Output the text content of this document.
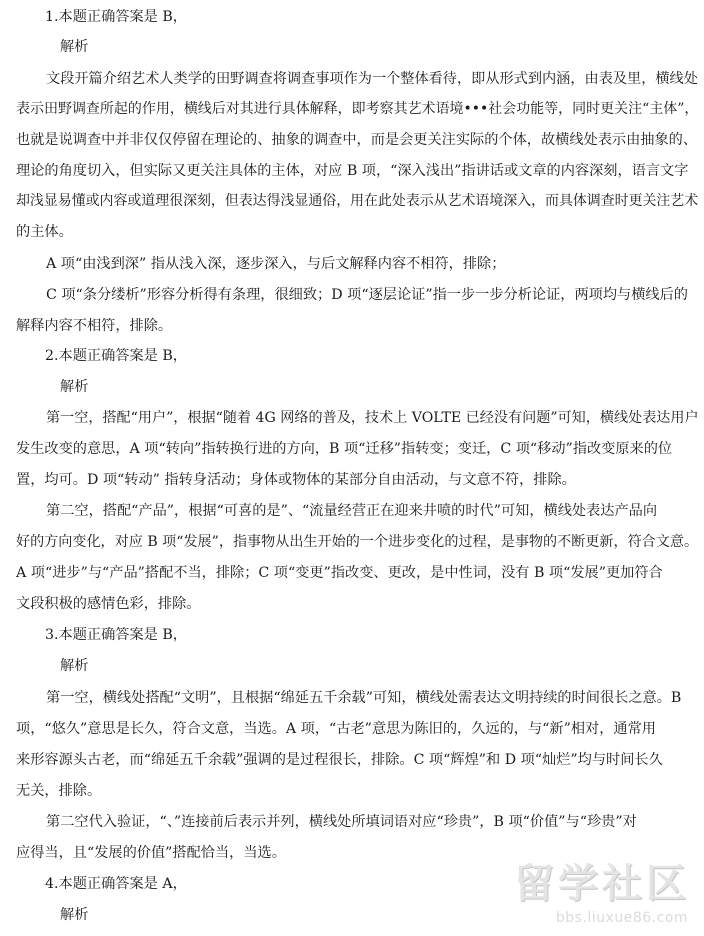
1.本题正确答案是 B，
解析
文段开篇介绍艺术人类学的田野调查将调查事项作为一个整体看待，即从形式到内涵，由表及里，横线处
表示田野调查所起的作用，横线后对其进行具体解释，即考察其艺术语境•••社会功能等，同时更关注“主体”，
也就是说调查中并非仅仅停留在理论的、抽象的调查中，而是会更关注实际的个体，故横线处表示由抽象的、
理论的角度切入，但实际又更关注具体的主体，对应 B 项，“深入浅出”指讲话或文章的内容深刻，语言文字
却浅显易懂或内容或道理很深刻，但表达得浅显通俗，用在此处表示从艺术语境深入，而具体调查时更关注艺术
的主体。
A 项“由浅到深” 指从浅入深，逐步深入，与后文解释内容不相符，排除；
C 项“条分缕析”形容分析得有条理，很细致；D 项“逐层论证”指一步一步分析论证，两项均与横线后的
解释内容不相符，排除。
2.本题正确答案是 B，
解析
第一空，搭配“用户”，根据“随着 4G 网络的普及，技术上 VOLTE 已经没有问题”可知，横线处表达用户
发生改变的意思，A 项“转向”指转换行进的方向，B 项“迁移”指转变；变迁，C 项“移动”指改变原来的位
置，均可。D 项“转动” 指转身活动；身体或物体的某部分自由活动，与文意不符，排除。
第二空，搭配“产品”，根据“可喜的是”、“流量经营正在迎来井喷的时代”可知，横线处表达产品向
好的方向变化，对应 B 项“发展”，指事物从出生开始的一个进步变化的过程，是事物的不断更新，符合文意。
A 项“进步”与“产品”搭配不当，排除；C 项“变更”指改变、更改，是中性词，没有 B 项“发展”更加符合
文段积极的感情色彩，排除。
3.本题正确答案是 B，
解析
第一空，横线处搭配“文明”，且根据“绵延五千余载”可知，横线处需表达文明持续的时间很长之意。B
项，“悠久”意思是长久，符合文意，当选。A 项，“古老”意思为陈旧的，久远的，与“新”相对，通常用
来形容源头古老，而“绵延五千余载”强调的是过程很长，排除。C 项“辉煌”和 D 项“灿烂”均与时间长久
无关，排除。
第二空代入验证，“、”连接前后表示并列，横线处所填词语对应“珍贵”，B 项“价值”与“珍贵”对
应得当，且“发展的价值”搭配恰当，当选。
4.本题正确答案是 A，
解析
留学社区
bbs.liuxue86.com
